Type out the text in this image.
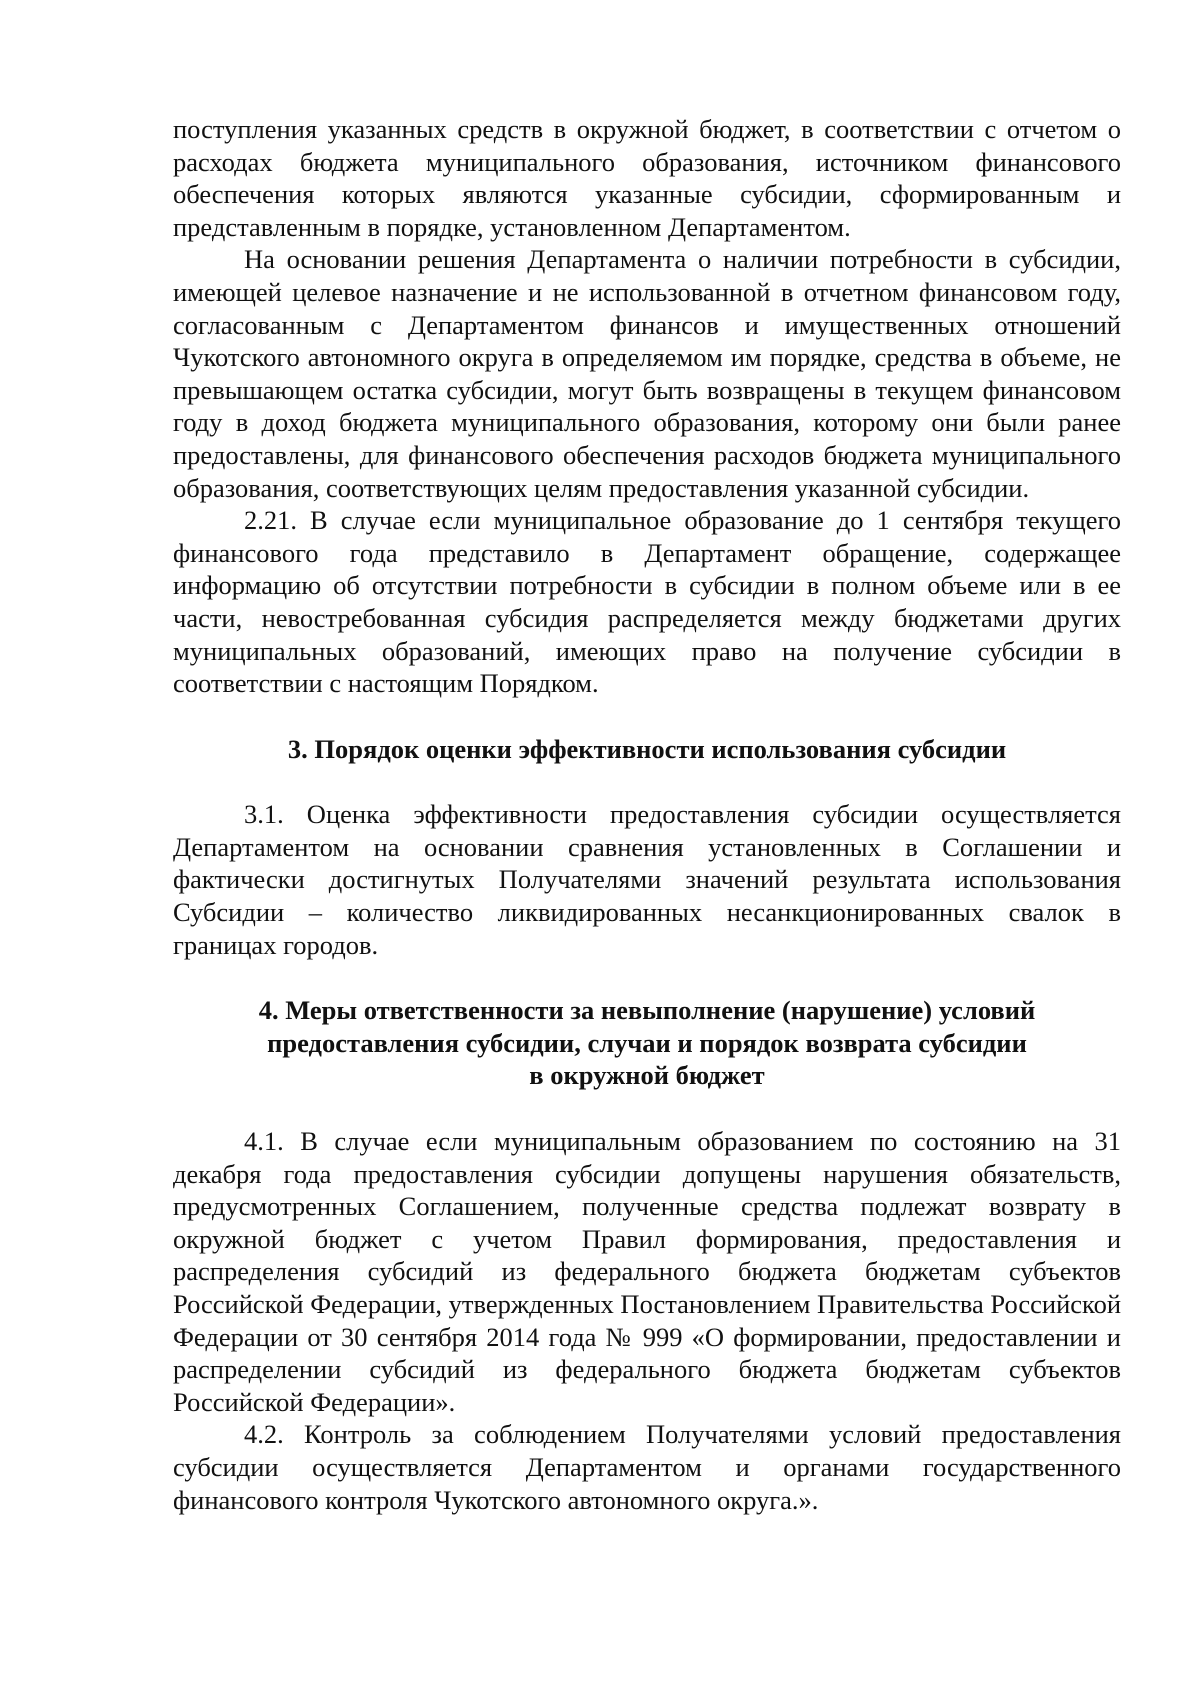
поступления указанных средств в окружной бюджет, в соответствии с отчетом о расходах бюджета муниципального образования, источником финансового обеспечения которых являются указанные субсидии, сформированным и представленным в порядке, установленном Департаментом.

На основании решения Департамента о наличии потребности в субсидии, имеющей целевое назначение и не использованной в отчетном финансовом году, согласованным с Департаментом финансов и имущественных отношений Чукотского автономного округа в определяемом им порядке, средства в объеме, не превышающем остатка субсидии, могут быть возвращены в текущем финансовом году в доход бюджета муниципального образования, которому они были ранее предоставлены, для финансового обеспечения расходов бюджета муниципального образования, соответствующих целям предоставления указанной субсидии.

2.21. В случае если муниципальное образование до 1 сентября текущего финансового года представило в Департамент обращение, содержащее информацию об отсутствии потребности в субсидии в полном объеме или в ее части, невостребованная субсидия распределяется между бюджетами других муниципальных образований, имеющих право на получение субсидии в соответствии с настоящим Порядком.

3. Порядок оценки эффективности использования субсидии

3.1. Оценка эффективности предоставления субсидии осуществляется Департаментом на основании сравнения установленных в Соглашении и фактически достигнутых Получателями значений результата использования Субсидии – количество ликвидированных несанкционированных свалок в границах городов.

4. Меры ответственности за невыполнение (нарушение) условий
предоставления субсидии, случаи и порядок возврата субсидии
в окружной бюджет

4.1. В случае если муниципальным образованием по состоянию на 31 декабря года предоставления субсидии допущены нарушения обязательств, предусмотренных Соглашением, полученные средства подлежат возврату в окружной бюджет с учетом Правил формирования, предоставления и распределения субсидий из федерального бюджета бюджетам субъектов Российской Федерации, утвержденных Постановлением Правительства Российской Федерации от 30 сентября 2014 года № 999 «О формировании, предоставлении и распределении субсидий из федерального бюджета бюджетам субъектов Российской Федерации».

4.2. Контроль за соблюдением Получателями условий предоставления субсидии осуществляется Департаментом и органами государственного финансового контроля Чукотского автономного округа.».
